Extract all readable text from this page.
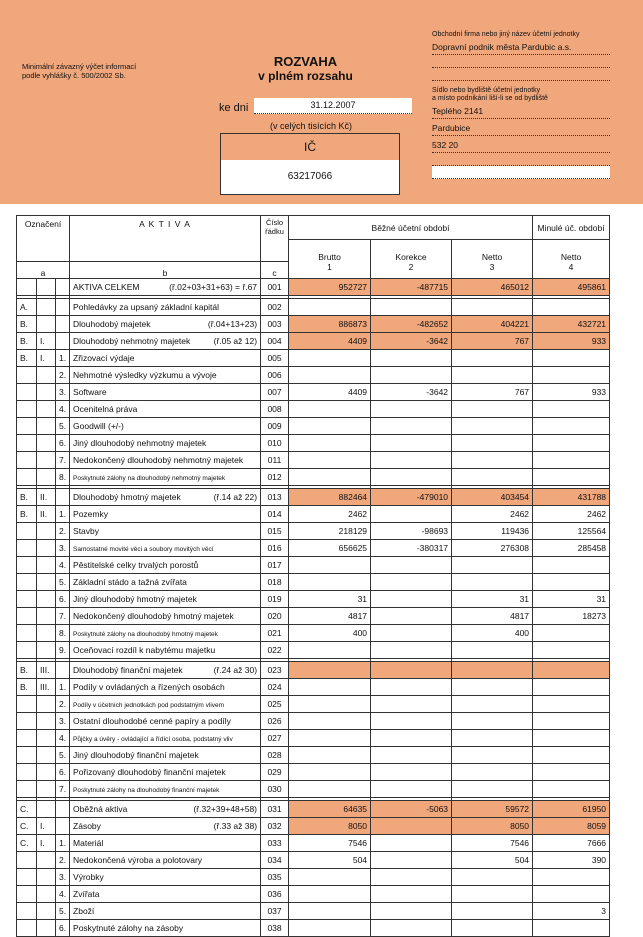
Minimální závazný výčet informací
podle vyhlášky č. 500/2002 Sb.
ROZVAHA
v plném rozsahu
ke dni	31.12.2007
(v celých tisících Kč)
IČ
63217066
Obchodní firma nebo jiný název účetní jednotky
Dopravní podnik města Pardubic a.s.
Sídlo nebo bydliště účetní jednotky
a místo podnikání liší-li se od bydliště
Teplého 2141
Pardubice
532 20
Označení			A K T I V A	Číslo
řádku	Běžné účetní období			Minulé úč. období
					Brutto	Korekce	Netto	Netto
a			b	c	1	2	3	4
			AKTIVA CELKEM (ř.02+03+31+63) = ř.67	001	952727	-487715	465012	495861

A.			Pohledávky za upsaný základní kapitál	002				
B.			Dlouhodobý majetek (ř.04+13+23)	003	886873	-482652	404221	432721
B.	I.		Dlouhodobý nehmotný majetek (ř.05 až 12)	004	4409	-3642	767	933
B.	I.	1.	Zřizovací výdaje	005				
		2.	Nehmotné výsledky výzkumu a vývoje	006				
		3.	Software	007	4409	-3642	767	933
		4.	Ocenitelná práva	008				
		5.	Goodwill (+/-)	009				
		6.	Jiný dlouhodobý nehmotný majetek	010				
		7.	Nedokončený dlouhodobý nehmotný majetek	011				
		8.	Poskytnuté zálohy na dlouhodobý nehmotný majetek	012				

B.	II.		Dlouhodobý hmotný majetek (ř.14 až 22)	013	882464	-479010	403454	431788
B.	II.	1.	Pozemky	014	2462		2462	2462
		2.	Stavby	015	218129	-98693	119436	125564
		3.	Samostatné movité věci a soubory movitých věcí	016	656625	-380317	276308	285458
		4.	Pěstitelské celky trvalých porostů	017				
		5.	Základní stádo a tažná zvířata	018				
		6.	Jiný dlouhodobý hmotný majetek	019	31		31	31
		7.	Nedokončený dlouhodobý hmotný majetek	020	4817		4817	18273
		8.	Poskytnuté zálohy na dlouhodobý hmotný majetek	021	400		400	
		9.	Oceňovací rozdíl k nabytému majetku	022				

B.	III.		Dlouhodobý finanční majetek (ř.24 až 30)	023				
B.	III.	1.	Podíly v ovládaných a řízených osobách	024				
		2.	Podíly v účetních jednotkách pod podstatným vlivem	025				
		3.	Ostatní dlouhodobé cenné papíry a podíly	026				
		4.	Půjčky a úvěry - ovládající a řídící osoba, podstatný vliv	027				
		5.	Jiný dlouhodobý finanční majetek	028				
		6.	Pořizovaný dlouhodobý finanční majetek	029				
		7.	Poskytnuté zálohy na dlouhodobý finanční majetek	030				

C.			Oběžná aktiva (ř.32+39+48+58)	031	64635	-5063	59572	61950
C.	I.		Zásoby (ř.33 až 38)	032	8050		8050	8059
C.	I.	1.	Materiál	033	7546		7546	7666
		2.	Nedokončená výroba a polotovary	034	504		504	390
		3.	Výrobky	035				
		4.	Zvířata	036				
		5.	Zboží	037				3
		6.	Poskytnuté zálohy na zásoby	038				
